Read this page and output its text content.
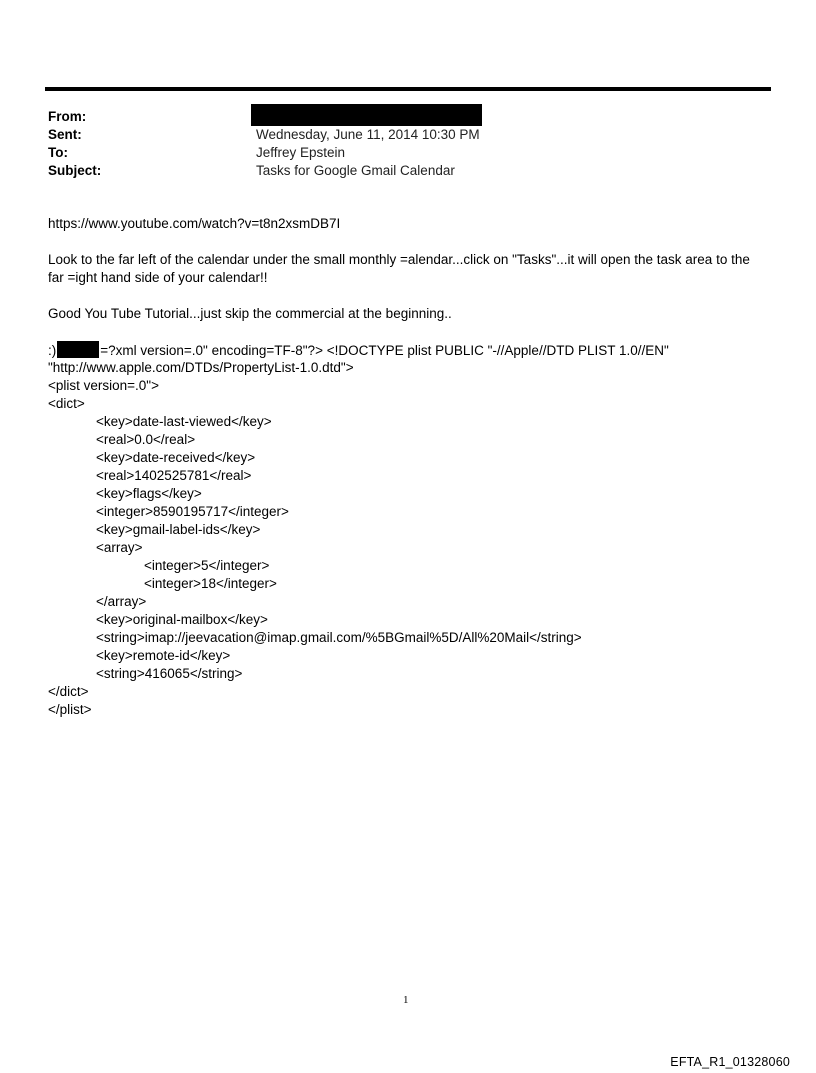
From:
Sent:	Wednesday, June 11, 2014 10:30 PM
To:	Jeffrey Epstein
Subject:	Tasks for Google Gmail Calendar
https://www.youtube.com/watch?v=t8n2xsmDB7I
Look to the far left of the calendar under the small monthly =alendar...click on "Tasks"...it will open the task area to the
far =ight hand side of your calendar!!
Good You Tube Tutorial...just skip the commercial at the beginning..
:)	=?xml version=.0" encoding=TF-8"?> <!DOCTYPE plist PUBLIC "-//Apple//DTD PLIST 1.0//EN"
"http://www.apple.com/DTDs/PropertyList-1.0.dtd">
<plist version=.0">
<dict>
<key>date-last-viewed</key>
<real>0.0</real>
<key>date-received</key>
<real>1402525781</real>
<key>flags</key>
<integer>8590195717</integer>
<key>gmail-label-ids</key>
<array>
<integer>5</integer>
<integer>18</integer>
</array>
<key>original-mailbox</key>
<string>imap://jeevacation@imap.gmail.com/%5BGmail%5D/All%20Mail</string>
<key>remote-id</key>
<string>416065</string>
</dict>
</plist>
1
EFTA_R1_01328060
